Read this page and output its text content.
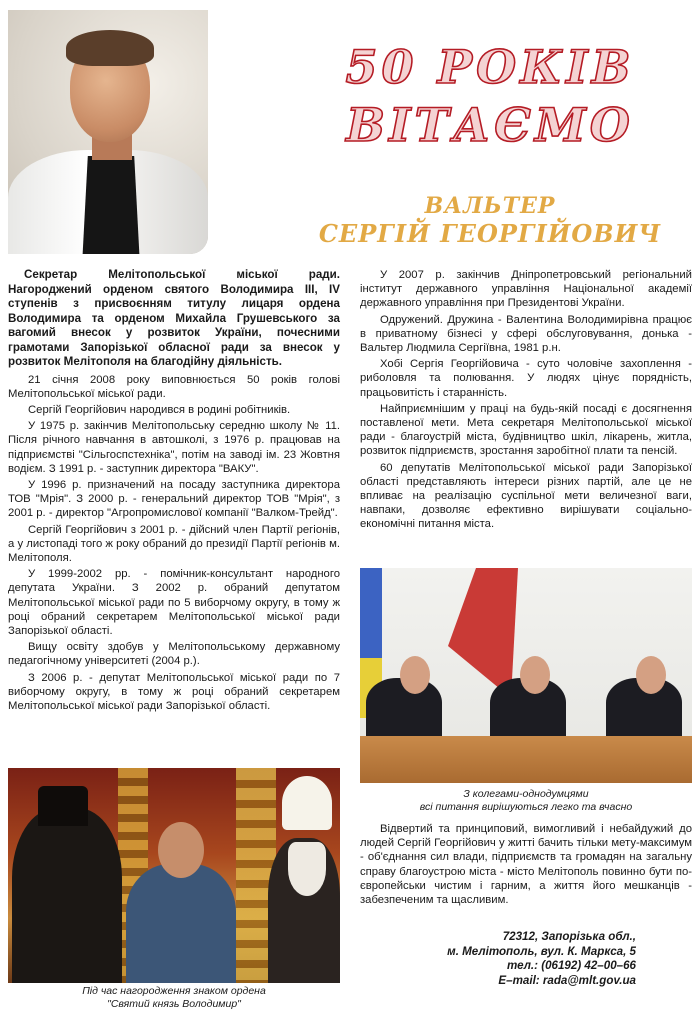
50 РОКІВ
ВІТАЄМО
ВАЛЬТЕР
СЕРГІЙ ГЕОРГІЙОВИЧ

Секретар Мелітопольської міської ради. Нагороджений орденом святого Володимира III, IV ступенів з присвоєнням титулу лицаря ордена Володимира та орденом Михайла Грушевського за вагомий внесок у розвиток України, почесними грамотами Запорізької обласної ради за внесок у розвиток Мелітополя на благодійну діяльність.

21 січня 2008 року виповнюється 50 років голові Мелітопольської міської ради.

Сергій Георгійович народився в родині робітників.

У 1975 р. закінчив Мелітопольську середню школу № 11. Після річного навчання в автошколі, з 1976 р. працював на підприємстві "Сільгоспстехніка", потім на заводі ім. 23 Жовтня водієм. З 1991 р. - заступник директора "ВАКУ".

У 1996 р. призначений на посаду заступника директора ТОВ "Мрія". З 2000 р. - генеральний директор ТОВ "Мрія", з 2001 р. - директор "Агропромислової компанії "Валком-Трейд".

Сергій Георгійович з 2001 р. - дійсний член Партії регіонів, а у листопаді того ж року обраний до президії Партії регіонів м. Мелітополя.

У 1999-2002 рр. - помічник-консультант народного депутата України. З 2002 р. обраний депутатом Мелітопольської міської ради по 5 виборчому округу, в тому ж році обраний секретарем Мелітопольської міської ради Запорізької області.

Вищу освіту здобув у Мелітопольському державному педагогічному університеті (2004 р.).

З 2006 р. - депутат Мелітопольської міської ради по 7 виборчому округу, в тому ж році обраний секретарем Мелітопольської міської ради Запорізької області.

У 2007 р. закінчив Дніпропетровський регіональний інститут державного управління Національної академії державного управління при Президентові України.

Одружений. Дружина - Валентина Володимирівна працює в приватному бізнесі у сфері обслуговування, донька - Вальтер Людмила Сергіївна, 1981 р.н.

Хобі Сергія Георгійовича - суто чоловіче захоплення - риболовля та полювання. У людях цінує порядність, працьовитість і старанність.

Найприємнішим у праці на будь-якій посаді є досягнення поставленої мети. Мета секретаря Мелітопольської міської ради - благоустрій міста, будівництво шкіл, лікарень, житла, розвиток підприємств, зростання заробітної плати та пенсій.

60 депутатів Мелітопольської міської ради Запорізької області представляють інтереси різних партій, але це не впливає на реалізацію суспільної мети величезної ваги, навпаки, дозволяє ефективно вирішувати соціально-економічні питання міста.

З колегами-однодумцями
всі питання вирішуються легко та вчасно

Відвертий та принциповий, вимогливий і небайдужий до людей Сергій Георгійович у житті бачить тільки мету-максимум - об'єднання сил влади, підприємств та громадян на загальну справу благоустрою міста - місто Мелітополь повинно бути по-європейськи чистим і гарним, а життя його мешканців - забезпеченим та щасливим.

72312, Запорізька обл.,
м. Мелітополь, вул. К. Маркса, 5
тел.: (06192) 42–00–66
E–mail: rada@mlt.gov.ua
Під час нагородження знаком ордена
"Святий князь Володимир"
